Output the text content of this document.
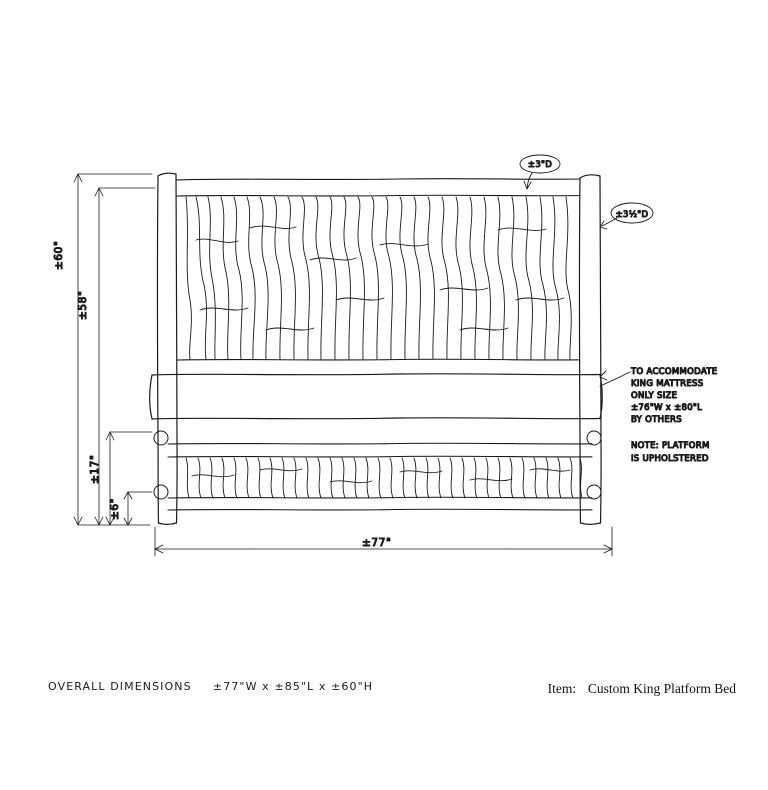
±60"
±58"
±17"
±6"
±77"
±3"D
±3½"D
TO ACCOMMODATE
KING MATTRESS
ONLY SIZE
±76"W x ±80"L
BY OTHERS
NOTE: PLATFORM
IS UPHOLSTERED
OVERALL DIMENSIONS ±77"W x ±85"L x ±60"H	Item: Custom King Platform Bed
